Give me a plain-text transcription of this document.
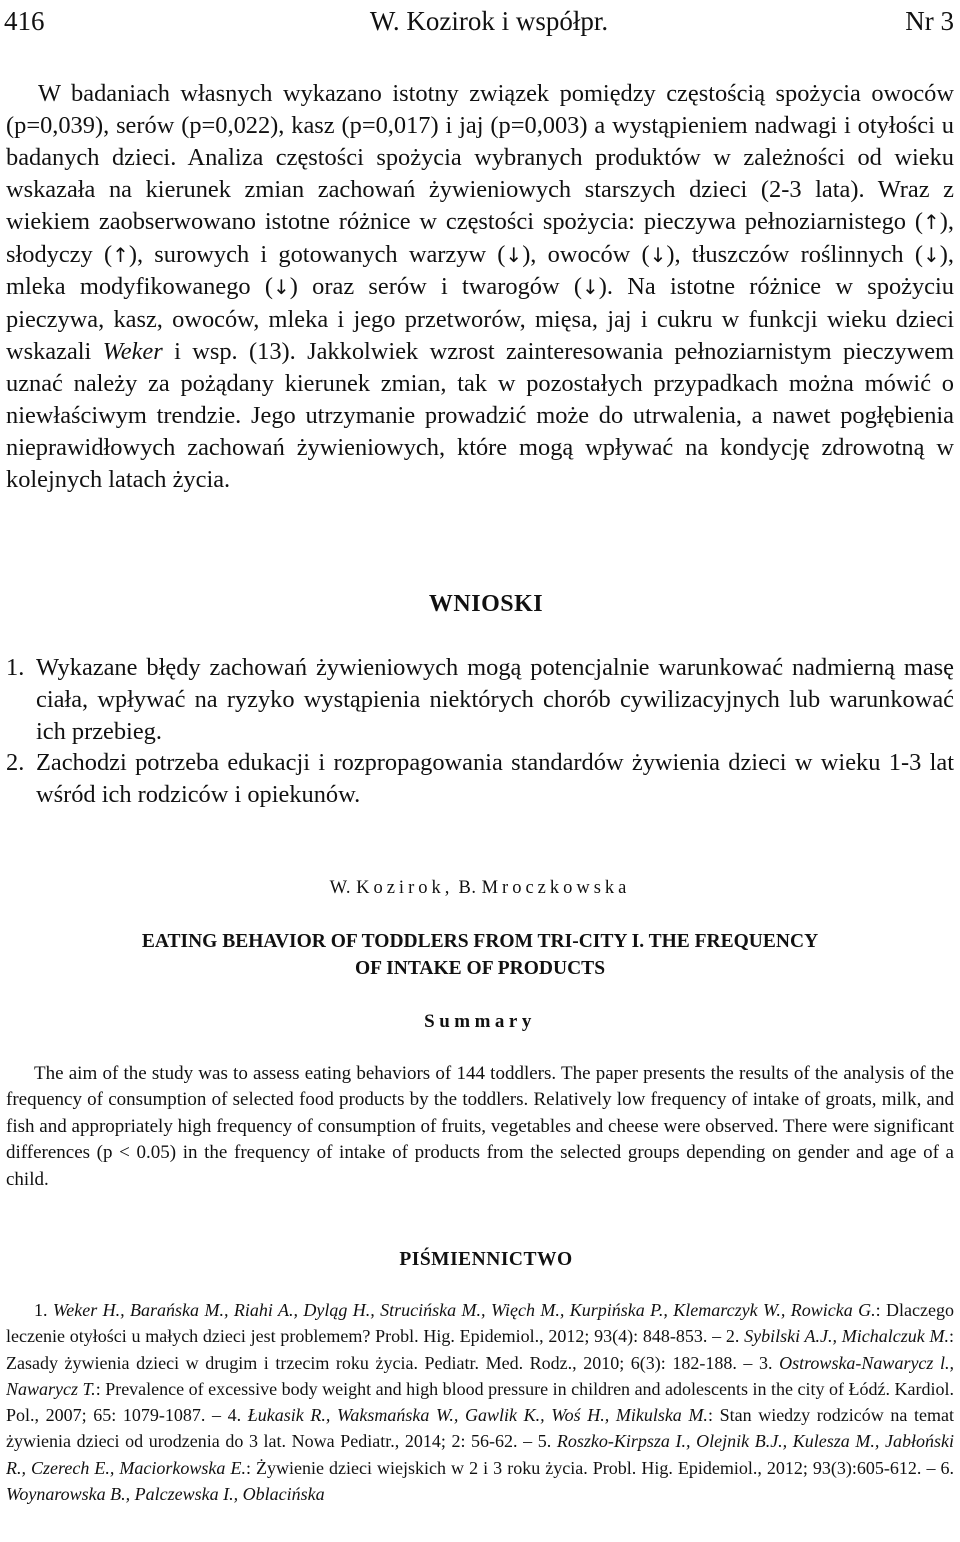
416	W. Kozirok i współpr.	Nr 3

W badaniach własnych wykazano istotny związek pomiędzy częstością spożycia owoców (p=0,039), serów (p=0,022), kasz (p=0,017) i jaj (p=0,003) a wystąpieniem nadwagi i otyłości u badanych dzieci. Analiza częstości spożycia wybranych produktów w zależności od wieku wskazała na kierunek zmian zachowań żywieniowych starszych dzieci (2-3 lata). Wraz z wiekiem zaobserwowano istotne różnice w częstości spożycia: pieczywa pełnoziarnistego (↑), słodyczy (↑), surowych i gotowanych warzyw (↓), owoców (↓), tłuszczów roślinnych (↓), mleka modyfikowanego (↓) oraz serów i twarogów (↓). Na istotne różnice w spożyciu pieczywa, kasz, owoców, mleka i jego przetworów, mięsa, jaj i cukru w funkcji wieku dzieci wskazali Weker i wsp. (13). Jakkolwiek wzrost zainteresowania pełnoziarnistym pieczywem uznać należy za pożądany kierunek zmian, tak w pozostałych przypadkach można mówić o niewłaściwym trendzie. Jego utrzymanie prowadzić może do utrwalenia, a nawet pogłębienia nieprawidłowych zachowań żywieniowych, które mogą wpływać na kondycję zdrowotną w kolejnych latach życia.

WNIOSKI
1. Wykazane błędy zachowań żywieniowych mogą potencjalnie warunkować nadmierną masę ciała, wpływać na ryzyko wystąpienia niektórych chorób cywilizacyjnych lub warunkować ich przebieg.
2. Zachodzi potrzeba edukacji i rozpropagowania standardów żywienia dzieci w wieku 1-3 lat wśród ich rodziców i opiekunów.
W. Kozirok, B. Mroczkowska
EATING BEHAVIOR OF TODDLERS FROM TRI-CITY I. THE FREQUENCY
OF INTAKE OF PRODUCTS
Summary

The aim of the study was to assess eating behaviors of 144 toddlers. The paper presents the results of the analysis of the frequency of consumption of selected food products by the toddlers. Relatively low frequency of intake of groats, milk, and fish and appropriately high frequency of consumption of fruits, vegetables and cheese were observed. There were significant differences (p < 0.05) in the frequency of intake of products from the selected groups depending on gender and age of a child.

PIŚMIENNICTWO

1. Weker H., Barańska M., Riahi A., Dyląg H., Strucińska M., Więch M., Kurpińska P., Klemarczyk W., Rowicka G.: Dlaczego leczenie otyłości u małych dzieci jest problemem? Probl. Hig. Epidemiol., 2012; 93(4): 848-853. – 2. Sybilski A.J., Michalczuk M.: Zasady żywienia dzieci w drugim i trzecim roku życia. Pediatr. Med. Rodz., 2010; 6(3): 182-188. – 3. Ostrowska-Nawarycz l., Nawarycz T.: Prevalence of excessive body weight and high blood pressure in children and adolescents in the city of Łódź. Kardiol. Pol., 2007; 65: 1079-1087. – 4. Łukasik R., Waksmańska W., Gawlik K., Woś H., Mikulska M.: Stan wiedzy rodziców na temat żywienia dzieci od urodzenia do 3 lat. Nowa Pediatr., 2014; 2: 56-62. – 5. Roszko-Kirpsza I., Olejnik B.J., Kulesza M., Jabłoński R., Czerech E., Maciorkowska E.: Żywienie dzieci wiejskich w 2 i 3 roku życia. Probl. Hig. Epidemiol., 2012; 93(3):605-612. – 6. Woynarowska B., Palczewska I., Oblacińska
